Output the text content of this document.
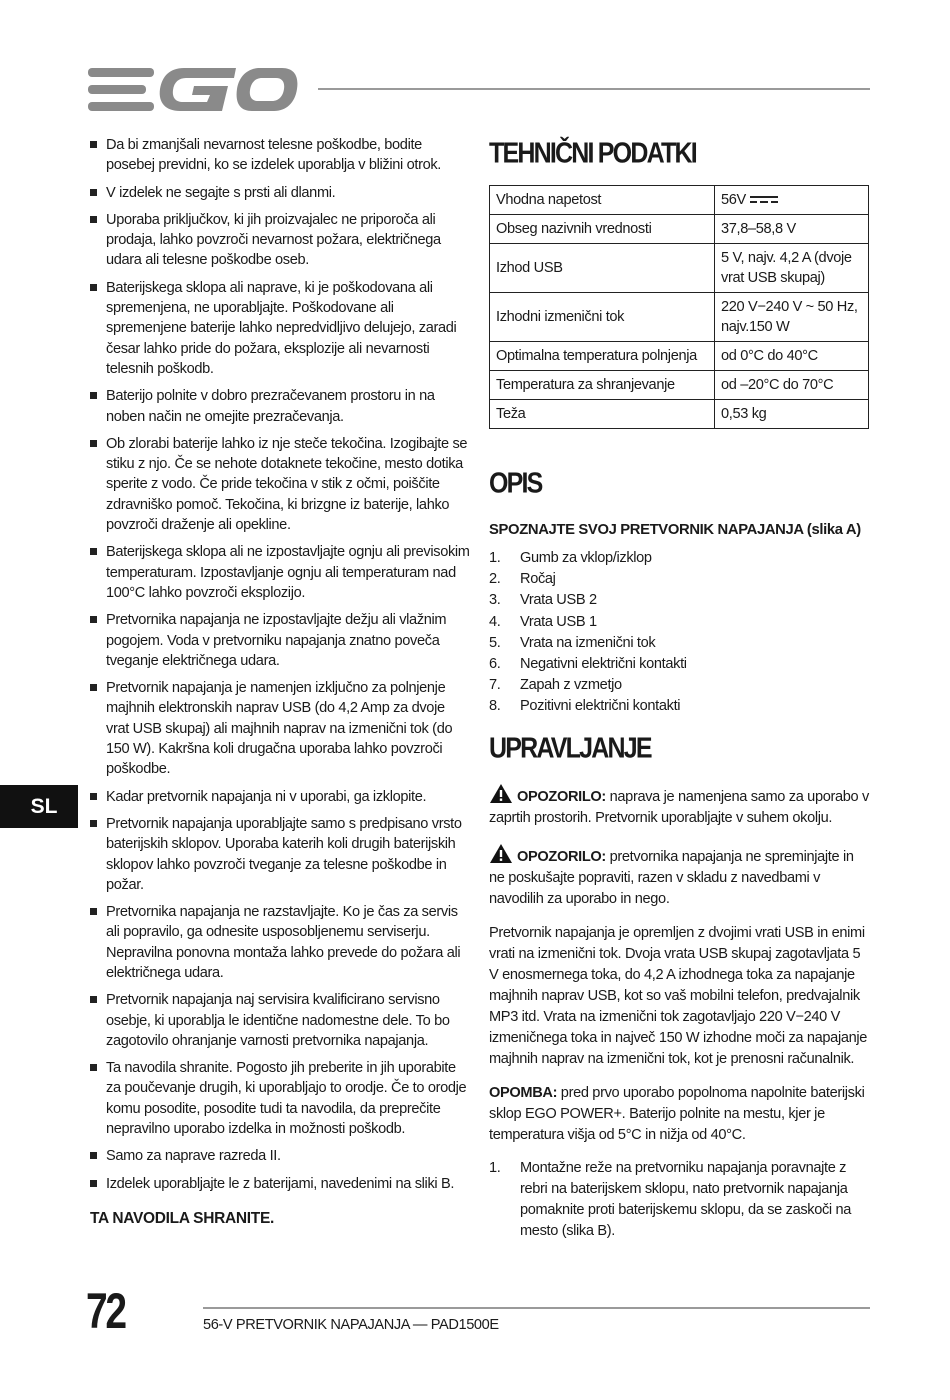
Da bi zmanjšali nevarnost telesne poškodbe, bodite posebej previdni, ko se izdelek uporablja v bližini otrok.
V izdelek ne segajte s prsti ali dlanmi.
Uporaba priključkov, ki jih proizvajalec ne priporoča ali prodaja, lahko povzroči nevarnost požara, električnega udara ali telesne poškodbe oseb.
Baterijskega sklopa ali naprave, ki je poškodovana ali spremenjena, ne uporabljajte. Poškodovane ali spremenjene baterije lahko nepredvidljivo delujejo, zaradi česar lahko pride do požara, eksplozije ali nevarnosti telesnih poškodb.
Baterijo polnite v dobro prezračevanem prostoru in na noben način ne omejite prezračevanja.
Ob zlorabi baterije lahko iz nje steče tekočina. Izogibajte se stiku z njo. Če se nehote dotaknete tekočine, mesto dotika sperite z vodo. Če pride tekočina v stik z očmi, poiščite zdravniško pomoč. Tekočina, ki brizgne iz baterije, lahko povzroči draženje ali opekline.
Baterijskega sklopa ali ne izpostavljajte ognju ali previsokim temperaturam. Izpostavljanje ognju ali temperaturam nad 100°C lahko povzroči eksplozijo.
Pretvornika napajanja ne izpostavljajte dežju ali vlažnim pogojem. Voda v pretvorniku napajanja znatno poveča tveganje električnega udara.
Pretvornik napajanja je namenjen izključno za polnjenje majhnih elektronskih naprav USB (do 4,2 Amp za dvoje vrat USB skupaj) ali majhnih naprav na izmenični tok (do 150 W). Kakršna koli drugačna uporaba lahko povzroči poškodbe.
Kadar pretvornik napajanja ni v uporabi, ga izklopite.
Pretvornik napajanja uporabljajte samo s predpisano vrsto baterijskih sklopov. Uporaba katerih koli drugih baterijskih sklopov lahko povzroči tveganje za telesne poškodbe in požar.
Pretvornika napajanja ne razstavljajte. Ko je čas za servis ali popravilo, ga odnesite usposobljenemu serviserju. Nepravilna ponovna montaža lahko prevede do požara ali električnega udara.
Pretvornik napajanja naj servisira kvalificirano servisno osebje, ki uporablja le identične nadomestne dele. To bo zagotovilo ohranjanje varnosti pretvornika napajanja.
Ta navodila shranite. Pogosto jih preberite in jih uporabite za poučevanje drugih, ki uporabljajo to orodje. Če to orodje komu posodite, posodite tudi ta navodila, da preprečite nepravilno uporabo izdelka in možnosti poškodb.
Samo za naprave razreda II.
Izdelek uporabljajte le z baterijami, navedenimi na sliki B.
TA NAVODILA SHRANITE.
SL
TEHNIČNI PODATKI
Vhodna napetost	56V
Obseg nazivnih vrednosti	37,8–58,8 V
Izhod USB	5 V, najv. 4,2 A (dvoje vrat USB skupaj)
Izhodni izmenični tok	220 V−240 V ~ 50 Hz, najv.150 W
Optimalna temperatura polnjenja	od 0°C do 40°C
Temperatura za shranjevanje	od –20°C do 70°C
Teža	0,53 kg
OPIS
SPOZNAJTE SVOJ PRETVORNIK NAPAJANJA (slika A)
1.	Gumb za vklop/izklop
2.	Ročaj
3.	Vrata USB 2
4.	Vrata USB 1
5.	Vrata na izmenični tok
6.	Negativni električni kontakti
7.	Zapah z vzmetjo
8.	Pozitivni električni kontakti
UPRAVLJANJE

OPOZORILO: naprava je namenjena samo za uporabo v zaprtih prostorih. Pretvornik uporabljajte v suhem okolju.

OPOZORILO: pretvornika napajanja ne spreminjajte in ne poskušajte popraviti, razen v skladu z navedbami v navodilih za uporabo in nego.

Pretvornik napajanja je opremljen z dvojimi vrati USB in enimi vrati na izmenični tok. Dvoja vrata USB skupaj zagotavljata 5 V enosmernega toka, do 4,2 A izhodnega toka za napajanje majhnih naprav USB, kot so vaš mobilni telefon, predvajalnik MP3 itd. Vrata na izmenični tok zagotavljajo 220 V−240 V izmeničnega toka in največ 150 W izhodne moči za napajanje majhnih naprav na izmenični tok, kot je prenosni računalnik.

OPOMBA: pred prvo uporabo popolnoma napolnite baterijski sklop EGO POWER+. Baterijo polnite na mestu, kjer je temperatura višja od 5°C in nižja od 40°C.

1.	Montažne reže na pretvorniku napajanja poravnajte z rebri na baterijskem sklopu, nato pretvornik napajanja pomaknite proti baterijskemu sklopu, da se zaskoči na mesto (slika B).
72	56-V PRETVORNIK NAPAJANJA — PAD1500E
